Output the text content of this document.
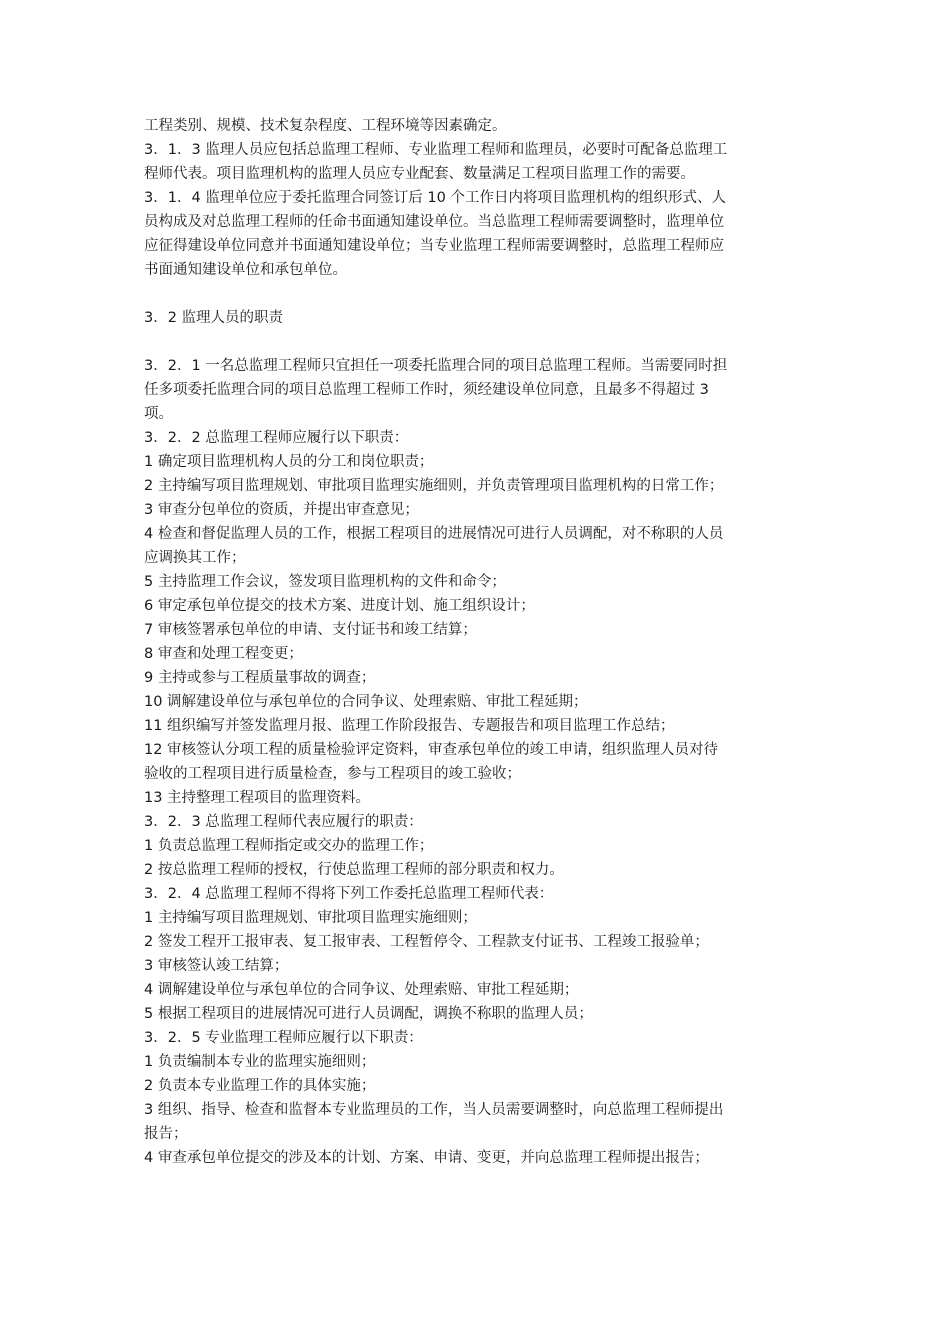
工程类别、规模、技术复杂程度、工程环境等因素确定。
3．1．3 监理人员应包括总监理工程师、专业监理工程师和监理员，必要时可配备总监理工
程师代表。项目监理机构的监理人员应专业配套、数量满足工程项目监理工作的需要。
3．1．4 监理单位应于委托监理合同签订后 10 个工作日内将项目监理机构的组织形式、人
员构成及对总监理工程师的任命书面通知建设单位。当总监理工程师需要调整时，监理单位
应征得建设单位同意并书面通知建设单位；当专业监理工程师需要调整时，总监理工程师应
书面通知建设单位和承包单位。
3．2 监理人员的职责
3．2．1 一名总监理工程师只宜担任一项委托监理合同的项目总监理工程师。当需要同时担
任多项委托监理合同的项目总监理工程师工作时，须经建设单位同意，且最多不得超过 3
项。
3．2．2 总监理工程师应履行以下职责：
1 确定项目监理机构人员的分工和岗位职责；
2 主持编写项目监理规划、审批项目监理实施细则，并负责管理项目监理机构的日常工作；
3 审查分包单位的资质，并提出审查意见；
4 检查和督促监理人员的工作，根据工程项目的进展情况可进行人员调配，对不称职的人员
应调换其工作；
5 主持监理工作会议，签发项目监理机构的文件和命令；
6 审定承包单位提交的技术方案、进度计划、施工组织设计；
7 审核签署承包单位的申请、支付证书和竣工结算；
8 审查和处理工程变更；
9 主持或参与工程质量事故的调查；
10 调解建设单位与承包单位的合同争议、处理索赔、审批工程延期；
11 组织编写并签发监理月报、监理工作阶段报告、专题报告和项目监理工作总结；
12 审核签认分项工程的质量检验评定资料，审查承包单位的竣工申请，组织监理人员对待
验收的工程项目进行质量检查，参与工程项目的竣工验收；
13 主持整理工程项目的监理资料。
3．2．3 总监理工程师代表应履行的职责：
1 负责总监理工程师指定或交办的监理工作；
2 按总监理工程师的授权，行使总监理工程师的部分职责和权力。
3．2．4 总监理工程师不得将下列工作委托总监理工程师代表：
1 主持编写项目监理规划、审批项目监理实施细则；
2 签发工程开工报审表、复工报审表、工程暂停令、工程款支付证书、工程竣工报验单；
3 审核签认竣工结算；
4 调解建设单位与承包单位的合同争议、处理索赔、审批工程延期；
5 根据工程项目的进展情况可进行人员调配，调换不称职的监理人员；
3．2．5 专业监理工程师应履行以下职责：
1 负责编制本专业的监理实施细则；
2 负责本专业监理工作的具体实施；
3 组织、指导、检查和监督本专业监理员的工作，当人员需要调整时，向总监理工程师提出
报告；
4 审查承包单位提交的涉及本的计划、方案、申请、变更，并向总监理工程师提出报告；
